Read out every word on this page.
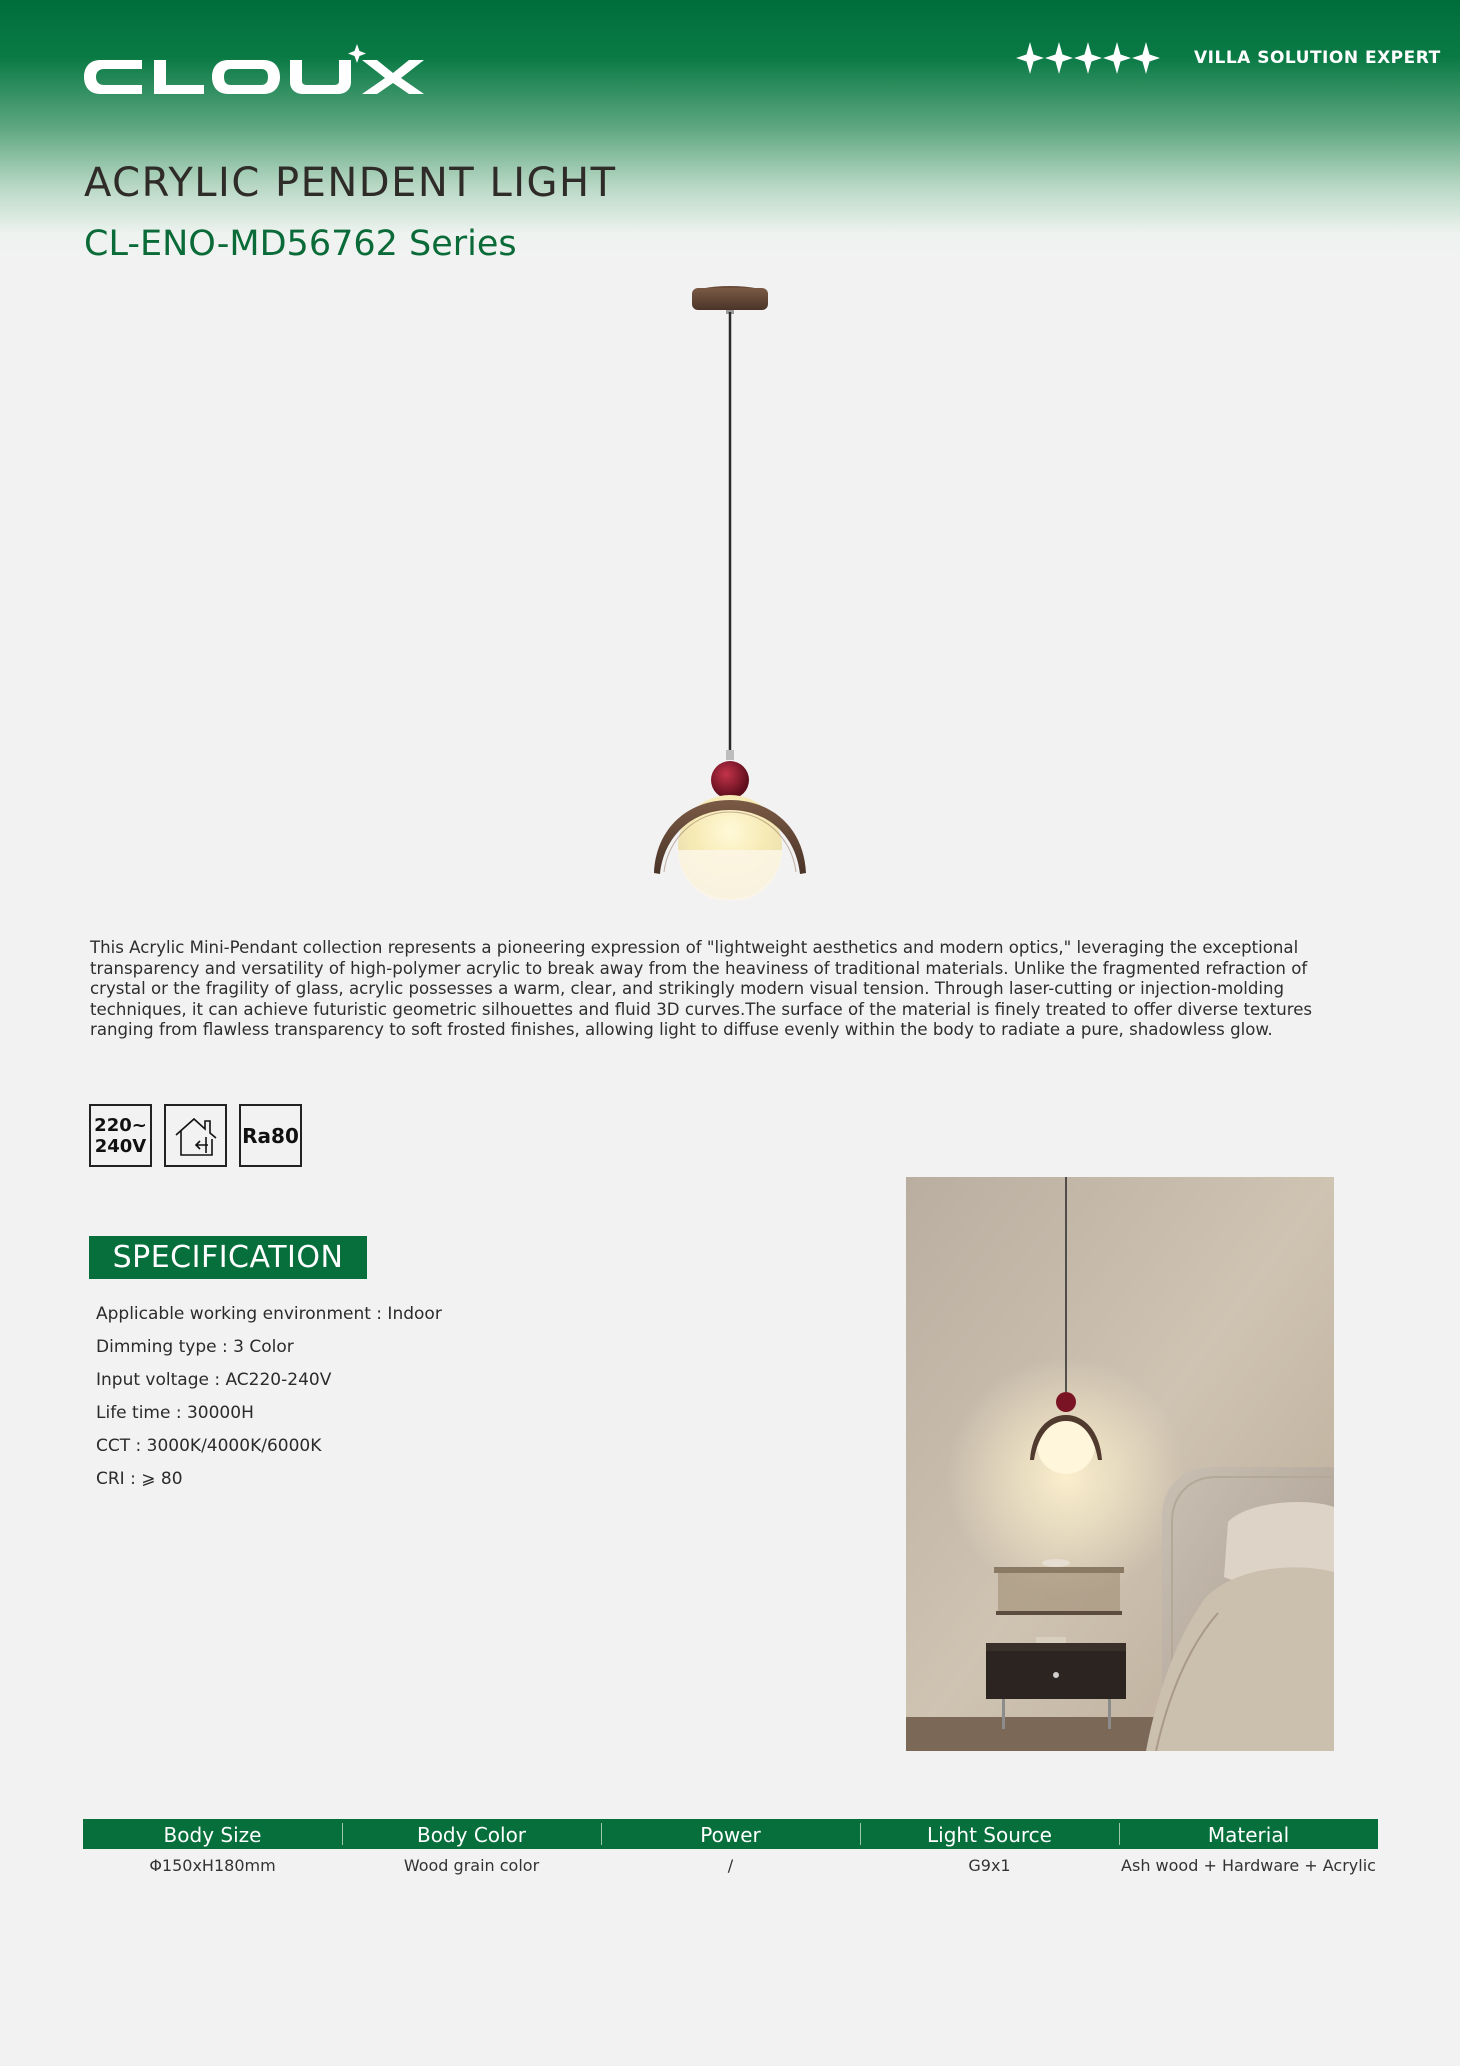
VILLA SOLUTION EXPERT
ACRYLIC PENDENT LIGHT
CL-ENO-MD56762 Series

This Acrylic Mini-Pendant collection represents a pioneering expression of "lightweight aesthetics and modern optics," leveraging the exceptional transparency and versatility of high-polymer acrylic to break away from the heaviness of traditional materials. Unlike the fragmented refraction of crystal or the fragility of glass, acrylic possesses a warm, clear, and strikingly modern visual tension. Through laser-cutting or injection-molding techniques, it can achieve futuristic geometric silhouettes and fluid 3D curves.The surface of the material is finely treated to offer diverse textures ranging from flawless transparency to soft frosted finishes, allowing light to diffuse evenly within the body to radiate a pure, shadowless glow.

220~
240V	Ra80
SPECIFICATION
Applicable working environment : Indoor
Dimming type : 3 Color
Input voltage : AC220-240V
Life time : 30000H
CCT : 3000K/4000K/6000K
CRI : ⩾ 80
Body Size	Body Color	Power	Light Source	Material
Φ150xH180mm	Wood grain color	/	G9x1	Ash wood + Hardware + Acrylic
